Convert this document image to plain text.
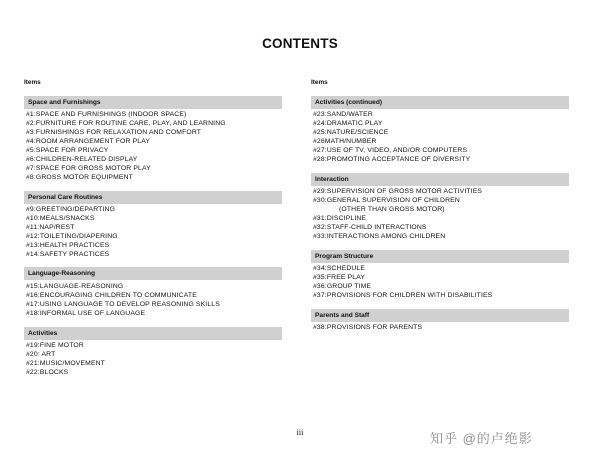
CONTENTS
Items
Space and Furnishings
#1:SPACE AND FURNISHINGS (INDOOR SPACE)
#2:FURNITURE FOR ROUTINE CARE, PLAY, AND LEARNING
#3:FURNISHINGS FOR RELAXATION AND COMFORT
#4:ROOM ARRANGEMENT FOR PLAY
#5:SPACE FOR PRIVACY
#6:CHILDREN-RELATED DISPLAY
#7:SPACE FOR GROSS MOTOR PLAY
#8:GROSS MOTOR EQUIPMENT
Personal Care Routines
#9:GREETING/DEPARTING
#10:MEALS/SNACKS
#11:NAP/REST
#12:TOILETING/DIAPERING
#13:HEALTH PRACTICES
#14:SAFETY PRACTICES
Language-Reasoning
#15:LANGUAGE-REASONING
#16:ENCOURAGING CHILDREN TO COMMUNICATE
#17:USING LANGUAGE TO DEVELOP REASONING SKILLS
#18:INFORMAL USE OF LANGUAGE
Activities
#19:FINE MOTOR
#20: ART
#21:MUSIC/MOVEMENT
#22:BLOCKS
Items
Activities (continued)
#23:SAND/WATER
#24:DRAMATIC PLAY
#25:NATURE/SCIENCE
#26MATH/NUMBER
#27:USE OF TV, VIDEO, AND/OR COMPUTERS
#28:PROMOTING ACCEPTANCE OF DIVERSITY
Interaction
#29:SUPERVISION OF GROSS MOTOR ACTIVITIES
#30:GENERAL SUPERVISION OF CHILDREN
(OTHER THAN GROSS MOTOR)
#31:DISCIPLINE
#32:STAFF-CHILD INTERACTIONS
#33:INTERACTIONS AMONG CHILDREN
Program Structure
#34:SCHEDULE
#35:FREE PLAY
#36:GROUP TIME
#37:PROVISIONS FOR CHILDREN WITH DISABILITIES
Parents and Staff
#38:PROVISIONS FOR PARENTS
iii	知乎 @的卢绝影
